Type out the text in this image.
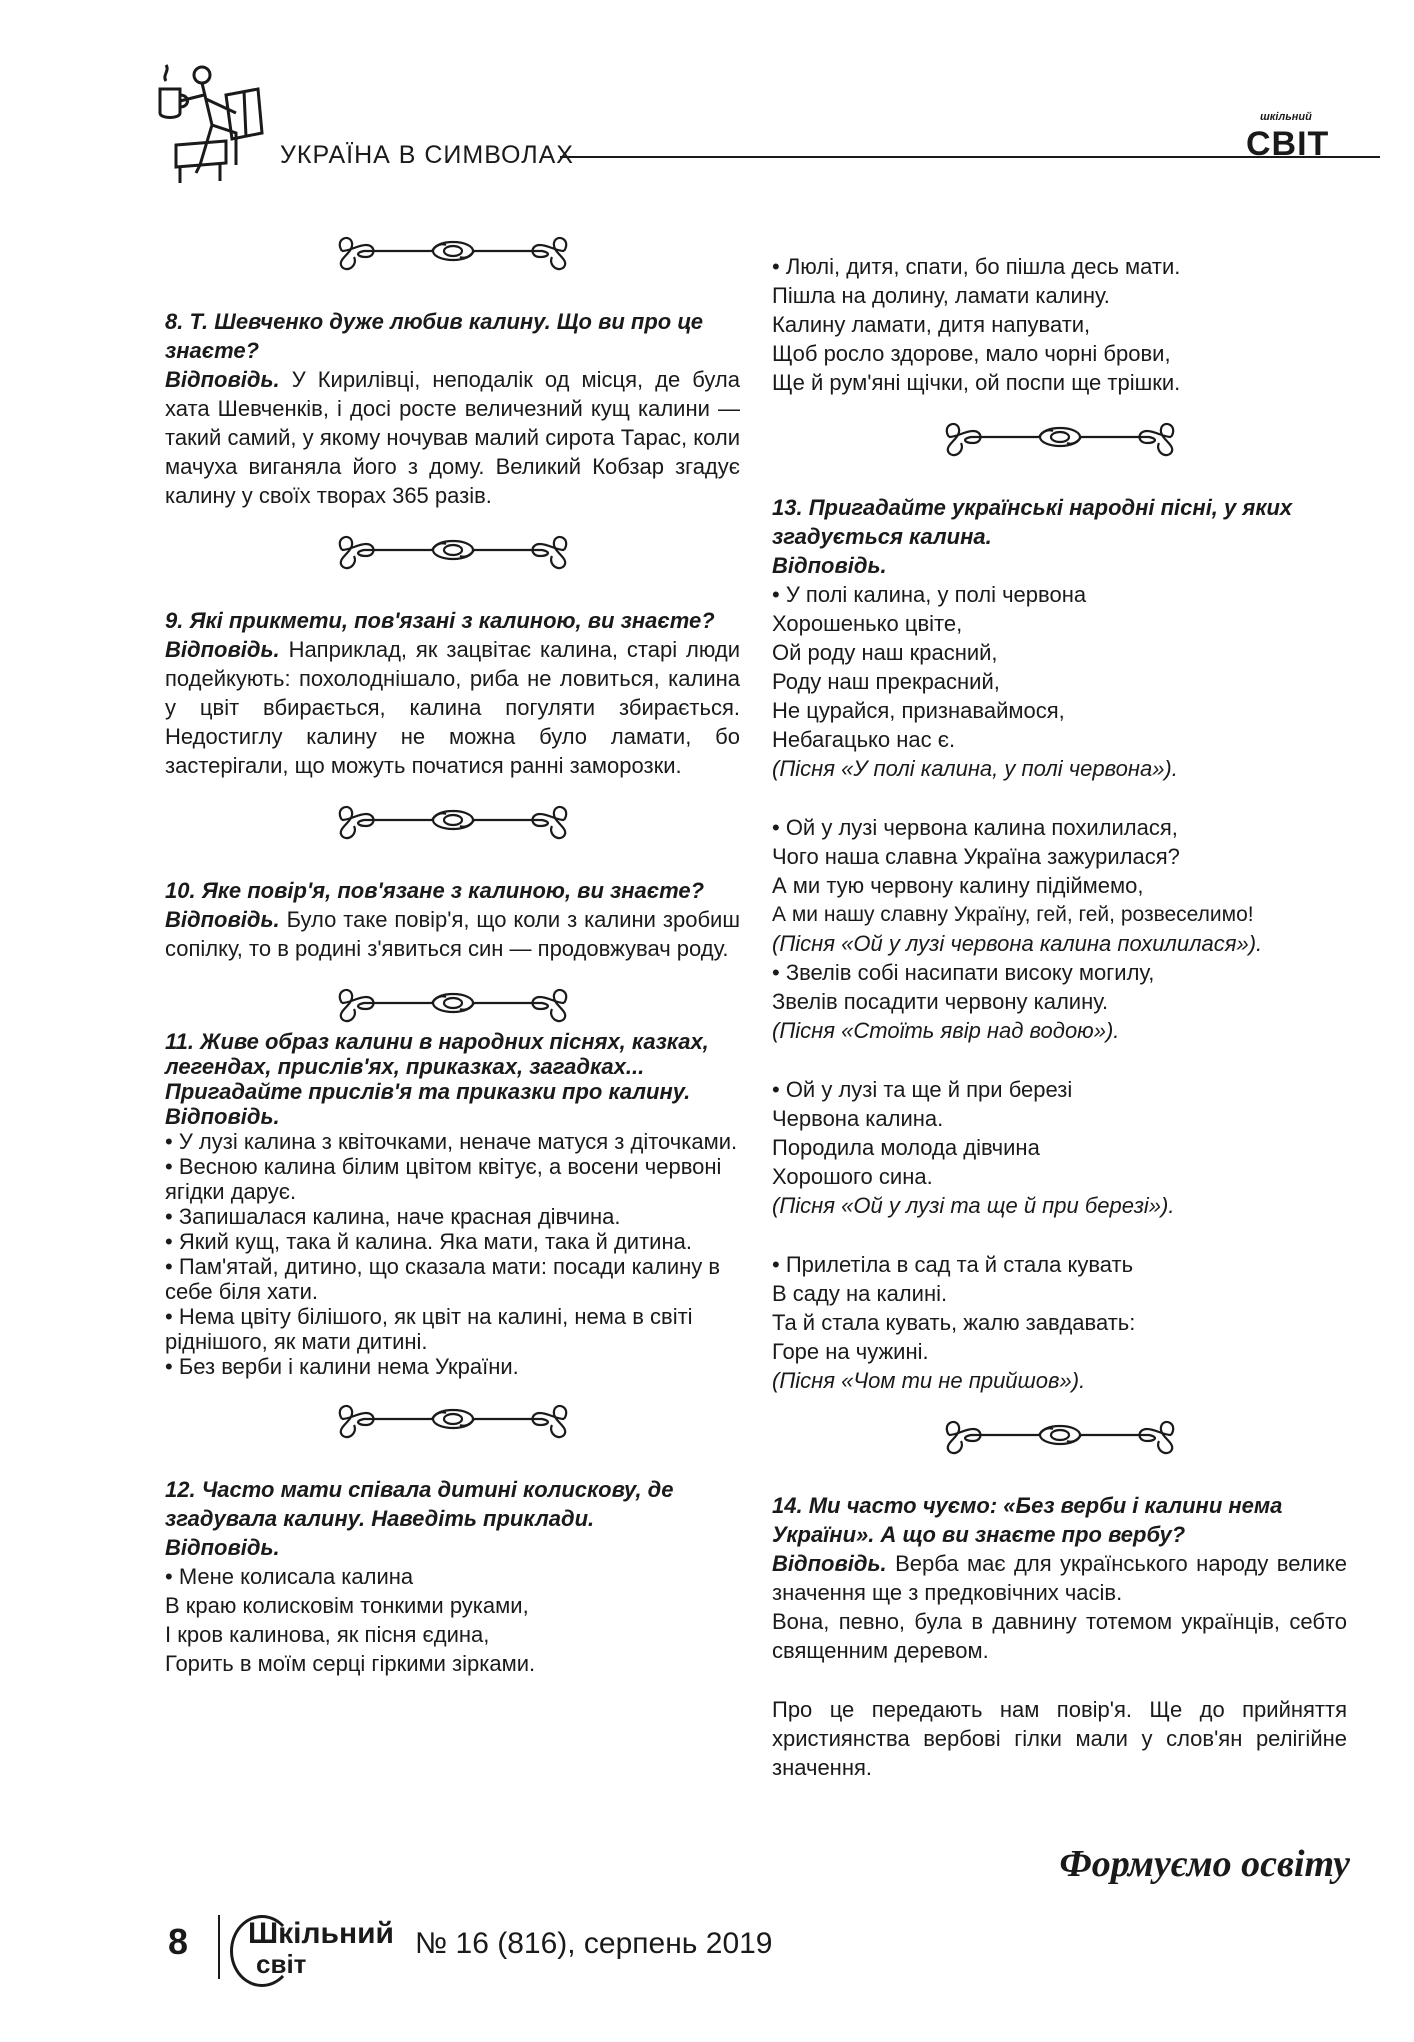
УКРАЇНА В СИМВОЛАХ
шкільний
СВІТ

8. Т. Шевченко дуже любив калину. Що ви про це знаєте?

Відповідь. У Кирилівці, неподалік од місця, де була хата Шевченків, і досі росте величезний кущ калини — такий самий, у якому ночував малий сирота Тарас, коли мачуха виганяла його з дому. Великий Кобзар згадує калину у своїх творах 365 разів.

9. Які прикмети, пов'язані з калиною, ви знаєте?

Відповідь. Наприклад, як зацвітає калина, старі люди подейкують: похолоднішало, риба не ловиться, калина у цвіт вбирається, калина погуляти збирається. Недостиглу калину не можна було ламати, бо застерігали, що можуть початися ранні заморозки.

10. Яке повір'я, пов'язане з калиною, ви знаєте?

Відповідь. Було таке повір'я, що коли з калини зробиш сопілку, то в родині з'явиться син — продовжувач роду.

11. Живе образ калини в народних піснях, казках, легендах, прислів'ях, приказках, загадках... Пригадайте прислів'я та приказки про калину.

Відповідь.

• У лузі калина з квіточками, неначе матуся з діточками.

• Весною калина білим цвітом квітує, а восени червоні ягідки дарує.

• Запишалася калина, наче красная дівчина.

• Який кущ, така й калина. Яка мати, така й дитина.

• Пам'ятай, дитино, що сказала мати: посади калину в себе біля хати.

• Нема цвіту білішого, як цвіт на калині, нема в світі ріднішого, як мати дитині.

• Без верби і калини нема України.

12. Часто мати співала дитині колискову, де згадувала калину. Наведіть приклади.

Відповідь.

• Мене колисала калина

В краю колисковім тонкими руками,

І кров калинова, як пісня єдина,

Горить в моїм серці гіркими зірками.

• Люлі, дитя, спати, бо пішла десь мати.

Пішла на долину, ламати калину.

Калину ламати, дитя напувати,

Щоб росло здорове, мало чорні брови,

Ще й рум'яні щічки, ой поспи ще трішки.

13. Пригадайте українські народні пісні, у яких згадується калина.

Відповідь.

• У полі калина, у полі червона

Хорошенько цвіте,

Ой роду наш красний,

Роду наш прекрасний,

Не цурайся, признаваймося,

Небагацько нас є.

(Пісня «У полі калина, у полі червона»).

• Ой у лузі червона калина похилилася,

Чого наша славна Україна зажурилася?

А ми тую червону калину підіймемо,

А ми нашу славну Україну, гей, гей, розвеселимо!

(Пісня «Ой у лузі червона калина похилилася»).

• Звелів собі насипати високу могилу,

Звелів посадити червону калину.

(Пісня «Стоїть явір над водою»).

• Ой у лузі та ще й при березі

Червона калина.

Породила молода дівчина

Хорошого сина.

(Пісня «Ой у лузі та ще й при березі»).

• Прилетіла в сад та й стала кувать

В саду на калині.

Та й стала кувать, жалю завдавать:

Горе на чужині.

(Пісня «Чом ти не прийшов»).

14. Ми часто чуємо: «Без верби і калини нема України». А що ви знаєте про вербу?

Відповідь. Верба має для українського народу велике значення ще з предковічних часів.

Вона, певно, була в давнину тотемом українців, себто священним деревом.

Про це передають нам повір'я. Ще до прийняття християнства вербові гілки мали у слов'ян релігійне значення.

Формуємо освіту
8 Шкільний
світ
№ 16 (816), серпень 2019
